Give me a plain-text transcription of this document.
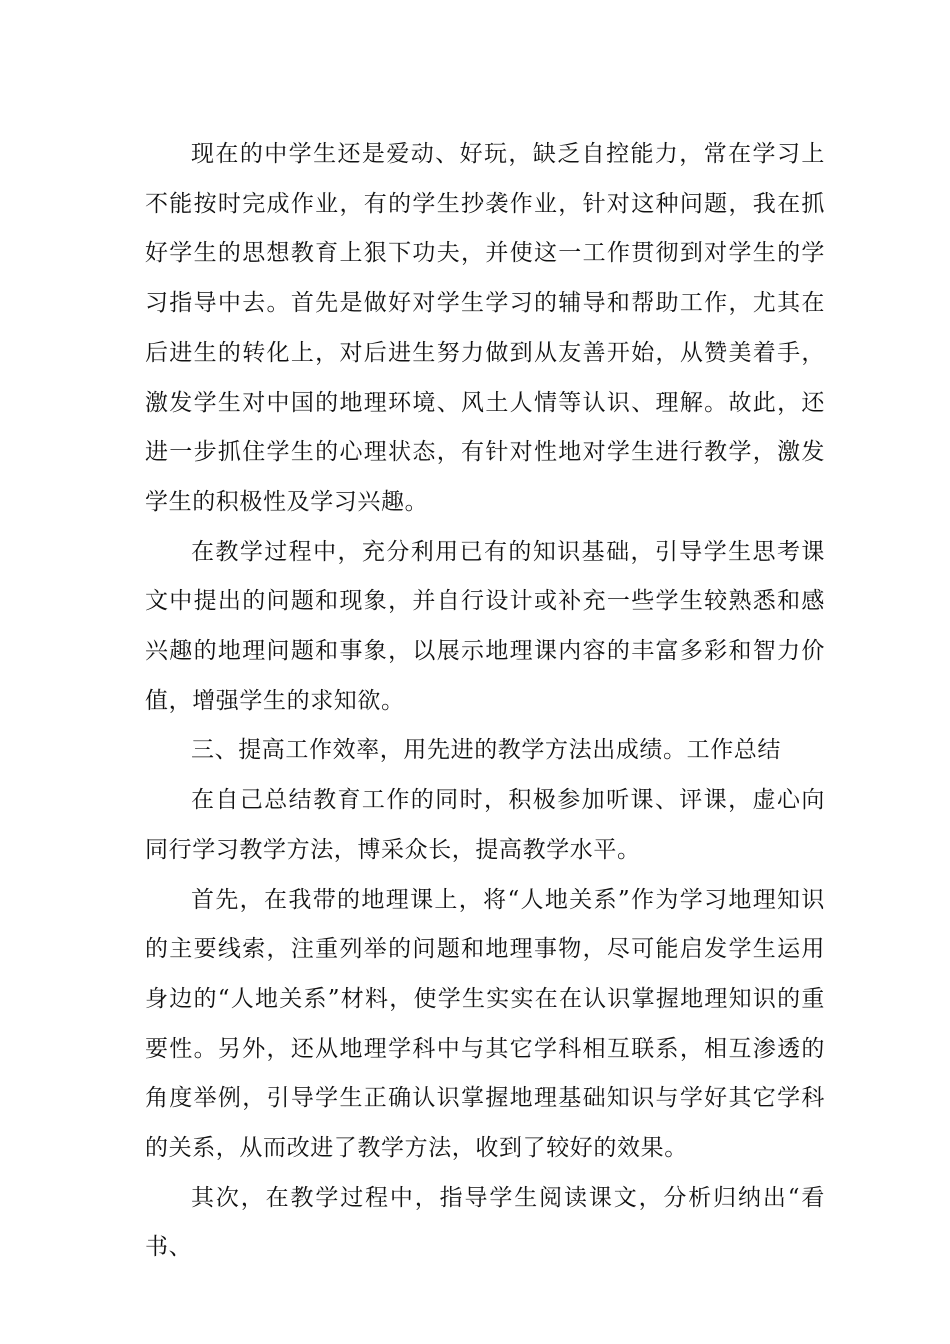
现在的中学生还是爱动、好玩，缺乏自控能力，常在学习上不能按时完成作业，有的学生抄袭作业，针对这种问题，我在抓好学生的思想教育上狠下功夫，并使这一工作贯彻到对学生的学习指导中去。首先是做好对学生学习的辅导和帮助工作，尤其在后进生的转化上，对后进生努力做到从友善开始，从赞美着手，激发学生对中国的地理环境、风土人情等认识、理解。故此，还进一步抓住学生的心理状态，有针对性地对学生进行教学，激发学生的积极性及学习兴趣。

在教学过程中，充分利用已有的知识基础，引导学生思考课文中提出的问题和现象，并自行设计或补充一些学生较熟悉和感兴趣的地理问题和事象，以展示地理课内容的丰富多彩和智力价值，增强学生的求知欲。

三、提高工作效率，用先进的教学方法出成绩。工作总结

在自己总结教育工作的同时，积极参加听课、评课，虚心向同行学习教学方法，博采众长，提高教学水平。

首先，在我带的地理课上，将“人地关系”作为学习地理知识的主要线索，注重列举的问题和地理事物，尽可能启发学生运用身边的“人地关系”材料，使学生实实在在认识掌握地理知识的重要性。另外，还从地理学科中与其它学科相互联系，相互渗透的角度举例，引导学生正确认识掌握地理基础知识与学好其它学科的关系，从而改进了教学方法，收到了较好的效果。

其次，在教学过程中，指导学生阅读课文，分析归纳出“看书、
